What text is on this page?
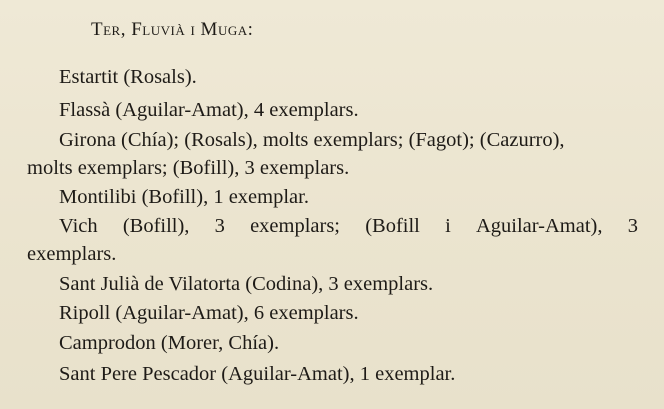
Ter, Fluvià i Muga:
Estartit (Rosals).
Flassà (Aguilar-Amat), 4 exemplars.
Girona (Chía); (Rosals), molts exemplars; (Fagot); (Cazurro),
molts exemplars; (Bofill), 3 exemplars.
Montilibi (Bofill), 1 exemplar.
Vich (Bofill), 3 exemplars; (Bofill i Aguilar-Amat), 3
exemplars.
Sant Julià de Vilatorta (Codina), 3 exemplars.
Ripoll (Aguilar-Amat), 6 exemplars.
Camprodon (Morer, Chía).
Sant Pere Pescador (Aguilar-Amat), 1 exemplar.
